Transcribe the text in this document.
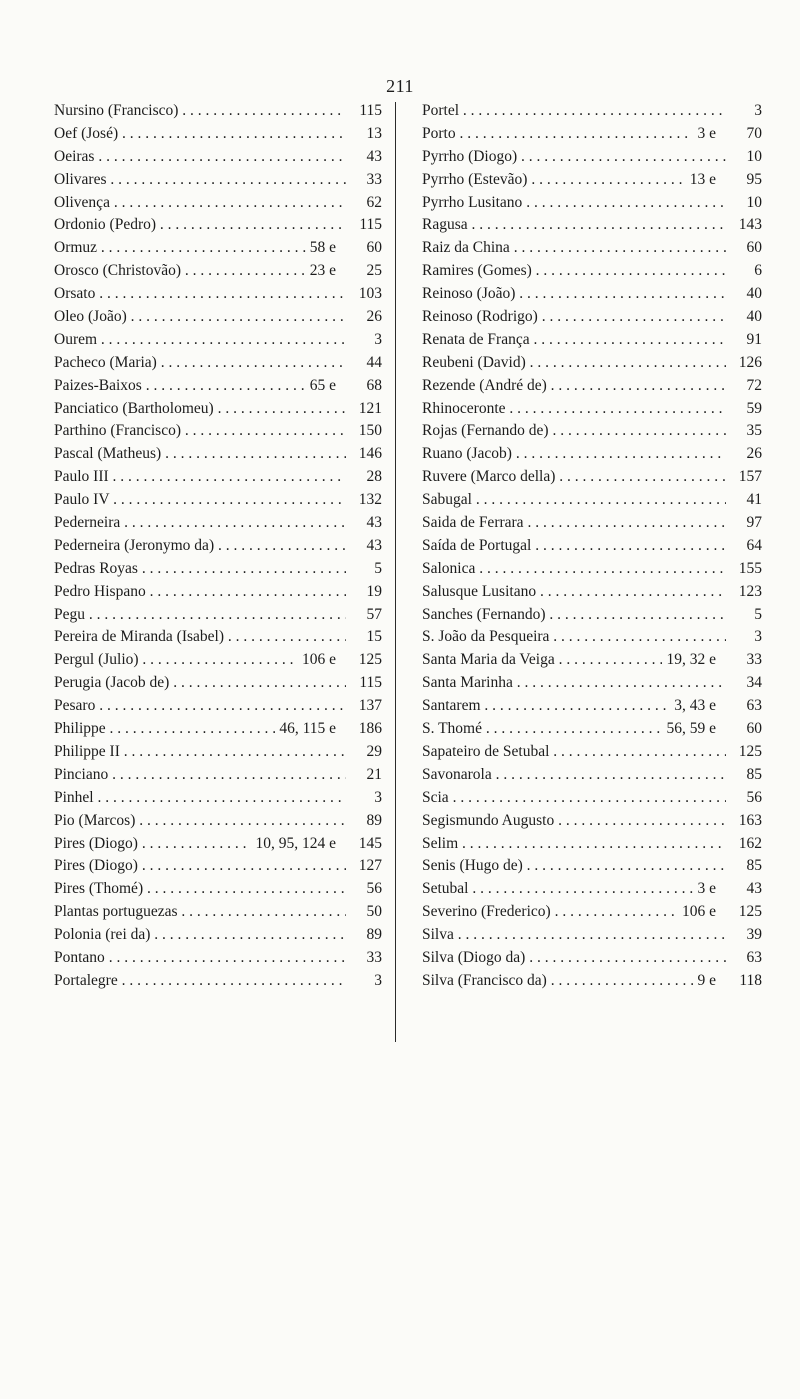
211
Nursino (Francisco) . . .	115
Oef (José) . . .	13
Oeiras . . .	43
Olivares . . .	33
Olivença . . .	62
Ordonio (Pedro) . . .	115
Ormuz . . .	58 e	60
Orosco (Christovão) . . .	23 e	25
Orsato . . .	103
Oleo (João) . . .	26
Ourem . . .	3
Pacheco (Maria) . . .	44
Paizes-Baixos . . .	65 e	68
Panciatico (Bartholomeu) . . .	121
Parthino (Francisco) . . .	150
Pascal (Matheus) . . .	146
Paulo III . . .	28
Paulo IV . . .	132
Pederneira . . .	43
Pederneira (Jeronymo da) . . .	43
Pedras Royas . . .	5
Pedro Hispano . . .	19
Pegu . . .	57
Pereira de Miranda (Isabel) . . .	15
Pergul (Julio) . . .	106 e	125
Perugia (Jacob de) . . .	115
Pesaro . . .	137
Philippe . . .	46, 115 e	186
Philippe II . . .	29
Pinciano . . .	21
Pinhel . . .	3
Pio (Marcos) . . .	89
Pires (Diogo) . . .	10, 95, 124 e	145
Pires (Diogo) . . .	127
Pires (Thomé) . . .	56
Plantas portuguezas . . .	50
Polonia (rei da) . . .	89
Pontano . . .	33
Portalegre . . .	3
Portel . . .	3
Porto . . .	3 e	70
Pyrrho (Diogo) . . .	10
Pyrrho (Estevão) . . .	13 e	95
Pyrrho Lusitano . . .	10
Ragusa . . .	143
Raiz da China . . .	60
Ramires (Gomes) . . .	6
Reinoso (João) . . .	40
Reinoso (Rodrigo) . . .	40
Renata de França . . .	91
Reubeni (David) . . .	126
Rezende (André de) . . .	72
Rhinoceronte . . .	59
Rojas (Fernando de) . . .	35
Ruano (Jacob) . . .	26
Ruvere (Marco della) . . .	157
Sabugal . . .	41
Saida de Ferrara . . .	97
Saída de Portugal . . .	64
Salonica . . .	155
Salusque Lusitano . . .	123
Sanches (Fernando) . . .	5
S. João da Pesqueira . . .	3
Santa Maria da Veiga . . .	19, 32 e	33
Santa Marinha . . .	34
Santarem . . .	3, 43 e	63
S. Thomé . . .	56, 59 e	60
Sapateiro de Setubal . . .	125
Savonarola . . .	85
Scia . . .	56
Segismundo Augusto . . .	163
Selim . . .	162
Senis (Hugo de) . . .	85
Setubal . . .	3 e	43
Severino (Frederico) . . .	106 e	125
Silva . . .	39
Silva (Diogo da) . . .	63
Silva (Francisco da) . . .	9 e	118
